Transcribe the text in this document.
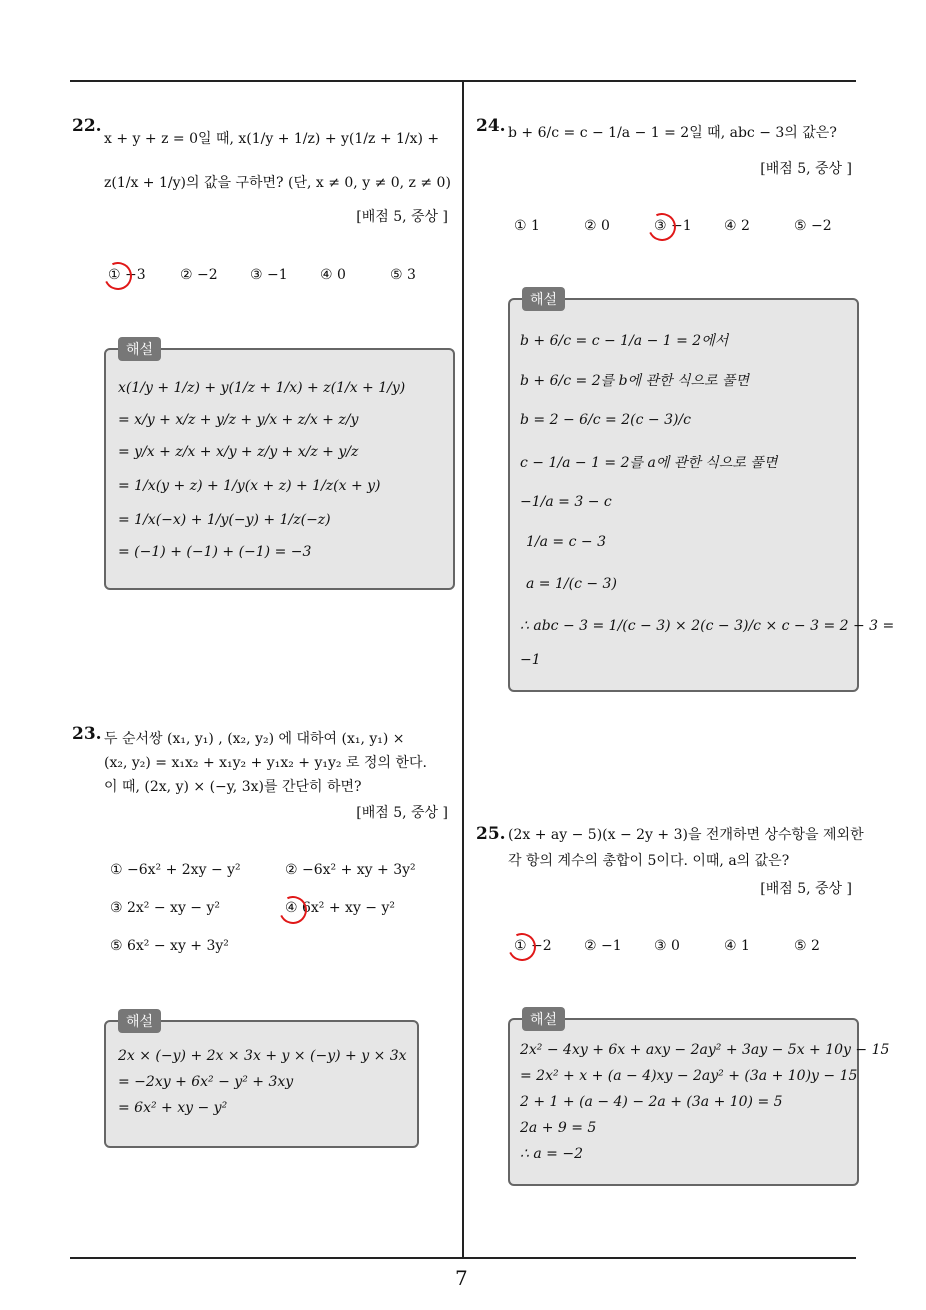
7
22.
x + y + z = 0일 때, x(1/y + 1/z) + y(1/z + 1/x) +
z(1/x + 1/y)의 값을 구하면? (단, x ≠ 0, y ≠ 0, z ≠ 0)
[배점 5, 중상 ]
① −3 ② −2 ③ −1 ④ 0	⑤ 3
해설
x(1/y + 1/z) + y(1/z + 1/x) + z(1/x + 1/y)
= x/y + x/z + y/z + y/x + z/x + z/y
= y/x + z/x + x/y + z/y + x/z + y/z
= 1/x(y + z) + 1/y(x + z) + 1/z(x + y)
= 1/x(−x) + 1/y(−y) + 1/z(−z)
= (−1) + (−1) + (−1) = −3
23. 두 순서쌍 (x₁, y₁) , (x₂, y₂) 에 대하여 (x₁, y₁) ×
(x₂, y₂) = x₁x₂ + x₁y₂ + y₁x₂ + y₁y₂ 로 정의 한다.
이 때, (2x, y) × (−y, 3x)를 간단히 하면?
[배점 5, 중상 ]
① −6x² + 2xy − y²	② −6x² + xy + 3y²
③ 2x² − xy − y²	④ 6x² + xy − y²
⑤ 6x² − xy + 3y²
해설
2x × (−y) + 2x × 3x + y × (−y) + y × 3x
= −2xy + 6x² − y² + 3xy
= 6x² + xy − y²
24. b + 6/c = c − 1/a − 1 = 2일 때, abc − 3의 값은?
[배점 5, 중상 ]
① 1	② 0	③ −1 ④ 2	⑤ −2
해설
b + 6/c = c − 1/a − 1 = 2에서
b + 6/c = 2를 b에 관한 식으로 풀면
b = 2 − 6/c = 2(c − 3)/c
c − 1/a − 1 = 2를 a에 관한 식으로 풀면
−1/a = 3 − c
1/a = c − 3
a = 1/(c − 3)
∴ abc − 3 = 1/(c − 3) × 2(c − 3)/c × c − 3 = 2 − 3 =
−1
25. (2x + ay − 5)(x − 2y + 3)을 전개하면 상수항을 제외한
각 항의 계수의 총합이 5이다. 이때, a의 값은?
[배점 5, 중상 ]
① −2 ② −1 ③ 0	④ 1	⑤ 2
해설
2x² − 4xy + 6x + axy − 2ay² + 3ay − 5x + 10y − 15
= 2x² + x + (a − 4)xy − 2ay² + (3a + 10)y − 15
2 + 1 + (a − 4) − 2a + (3a + 10) = 5
2a + 9 = 5
∴ a = −2
